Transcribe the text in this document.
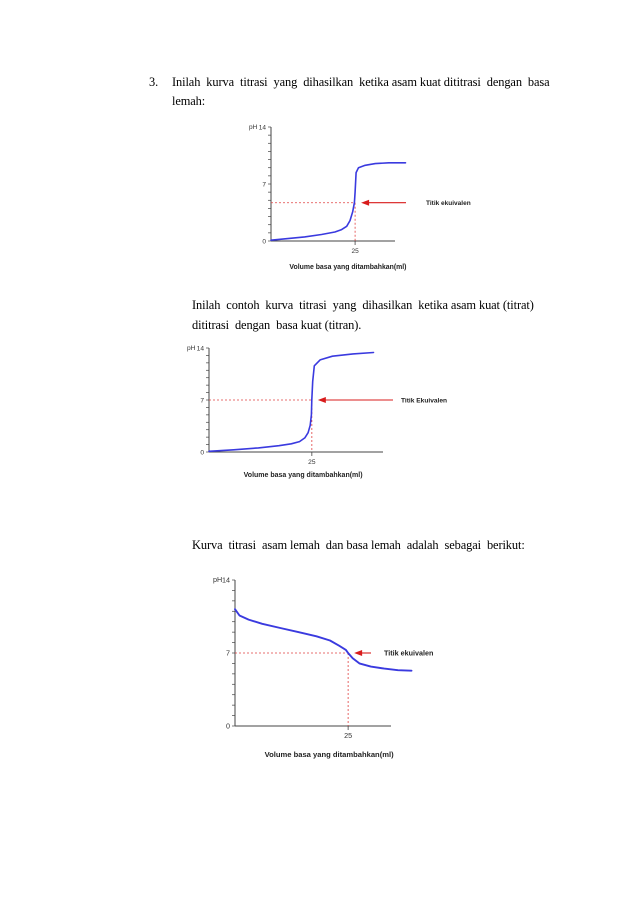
3. Inilah  kurva  titrasi  yang  dihasilkan  ketika asam kuat dititrasi  dengan  basa
lemah:
14
7
0
pH
25
Volume basa yang ditambahkan(ml)
Titik ekuivalen
Inilah  contoh  kurva  titrasi  yang  dihasilkan  ketika asam kuat (titrat)
dititrasi  dengan  basa kuat (titran).
14
7
0
pH
25
Volume basa yang ditambahkan(ml)
Titik Ekuivalen
Kurva  titrasi  asam lemah  dan basa lemah  adalah  sebagai  berikut:
14
7
0
pH
25
Volume basa yang ditambahkan(ml)
Titik ekuivalen
